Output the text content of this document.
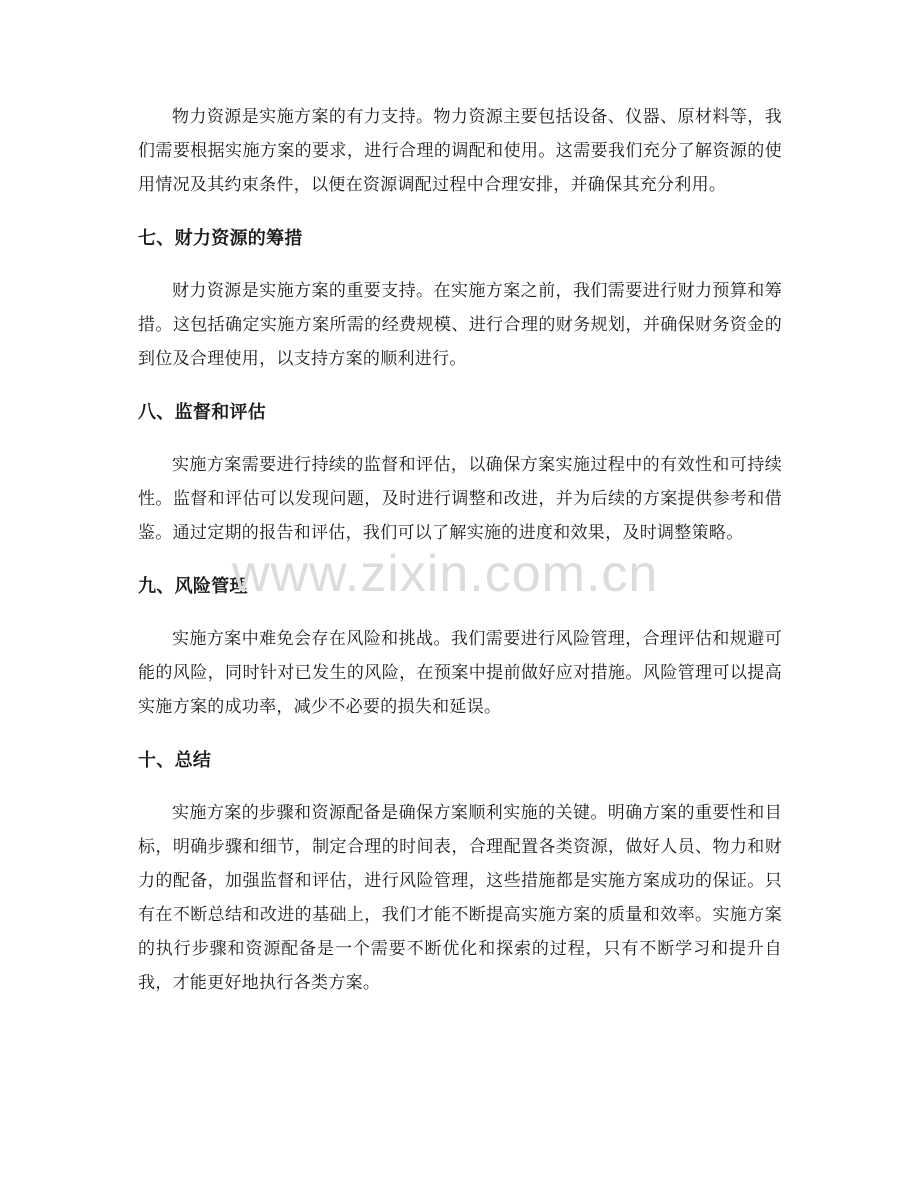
物力资源是实施方案的有力支持。物力资源主要包括设备、仪器、原材料等，我们需要根据实施方案的要求，进行合理的调配和使用。这需要我们充分了解资源的使用情况及其约束条件，以便在资源调配过程中合理安排，并确保其充分利用。

七、财力资源的筹措

财力资源是实施方案的重要支持。在实施方案之前，我们需要进行财力预算和筹措。这包括确定实施方案所需的经费规模、进行合理的财务规划，并确保财务资金的到位及合理使用，以支持方案的顺利进行。

八、监督和评估

实施方案需要进行持续的监督和评估，以确保方案实施过程中的有效性和可持续性。监督和评估可以发现问题，及时进行调整和改进，并为后续的方案提供参考和借鉴。通过定期的报告和评估，我们可以了解实施的进度和效果，及时调整策略。

九、风险管理

实施方案中难免会存在风险和挑战。我们需要进行风险管理，合理评估和规避可能的风险，同时针对已发生的风险，在预案中提前做好应对措施。风险管理可以提高实施方案的成功率，减少不必要的损失和延误。

十、总结

实施方案的步骤和资源配备是确保方案顺利实施的关键。明确方案的重要性和目标，明确步骤和细节，制定合理的时间表，合理配置各类资源，做好人员、物力和财力的配备，加强监督和评估，进行风险管理，这些措施都是实施方案成功的保证。只有在不断总结和改进的基础上，我们才能不断提高实施方案的质量和效率。实施方案的执行步骤和资源配备是一个需要不断优化和探索的过程，只有不断学习和提升自我，才能更好地执行各类方案。

www.zixin.com.cn
